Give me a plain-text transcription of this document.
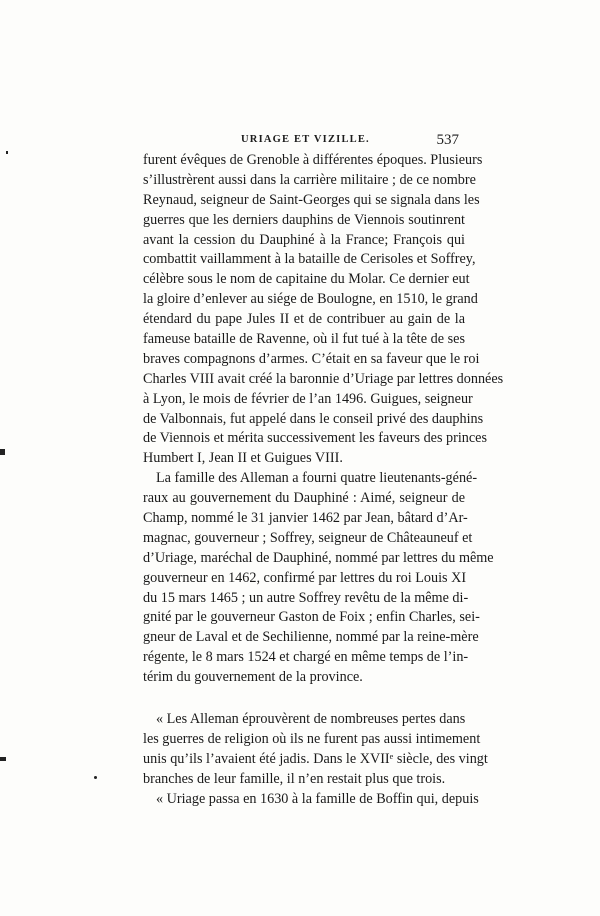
URIAGE ET VIZILLE.	537
furent évêques de Grenoble à différentes époques. Plusieurs
s’illustrèrent aussi dans la carrière militaire ; de ce nombre
Reynaud, seigneur de Saint-Georges qui se signala dans les
guerres que les derniers dauphins de Viennois soutinrent
avant la cession du Dauphiné à la France; François qui
combattit vaillamment à la bataille de Cerisoles et Soffrey,
célèbre sous le nom de capitaine du Molar. Ce dernier eut
la gloire d’enlever au siége de Boulogne, en 1510, le grand
étendard du pape Jules II et de contribuer au gain de la
fameuse bataille de Ravenne, où il fut tué à la tête de ses
braves compagnons d’armes. C’était en sa faveur que le roi
Charles VIII avait créé la baronnie d’Uriage par lettres données
à Lyon, le mois de février de l’an 1496. Guigues, seigneur
de Valbonnais, fut appelé dans le conseil privé des dauphins
de Viennois et mérita successivement les faveurs des princes
Humbert I, Jean II et Guigues VIII.
La famille des Alleman a fourni quatre lieutenants-géné-
raux au gouvernement du Dauphiné : Aimé, seigneur de
Champ, nommé le 31 janvier 1462 par Jean, bâtard d’Ar-
magnac, gouverneur ; Soffrey, seigneur de Châteauneuf et
d’Uriage, maréchal de Dauphiné, nommé par lettres du même
gouverneur en 1462, confirmé par lettres du roi Louis XI
du 15 mars 1465 ; un autre Soffrey revêtu de la même di-
gnité par le gouverneur Gaston de Foix ; enfin Charles, sei-
gneur de Laval et de Sechilienne, nommé par la reine-mère
régente, le 8 mars 1524 et chargé en même temps de l’in-
térim du gouvernement de la province.
« Les Alleman éprouvèrent de nombreuses pertes dans
les guerres de religion où ils ne furent pas aussi intimement
unis qu’ils l’avaient été jadis. Dans le XVIIᵉ siècle, des vingt
branches de leur famille, il n’en restait plus que trois.
« Uriage passa en 1630 à la famille de Boffin qui, depuis
